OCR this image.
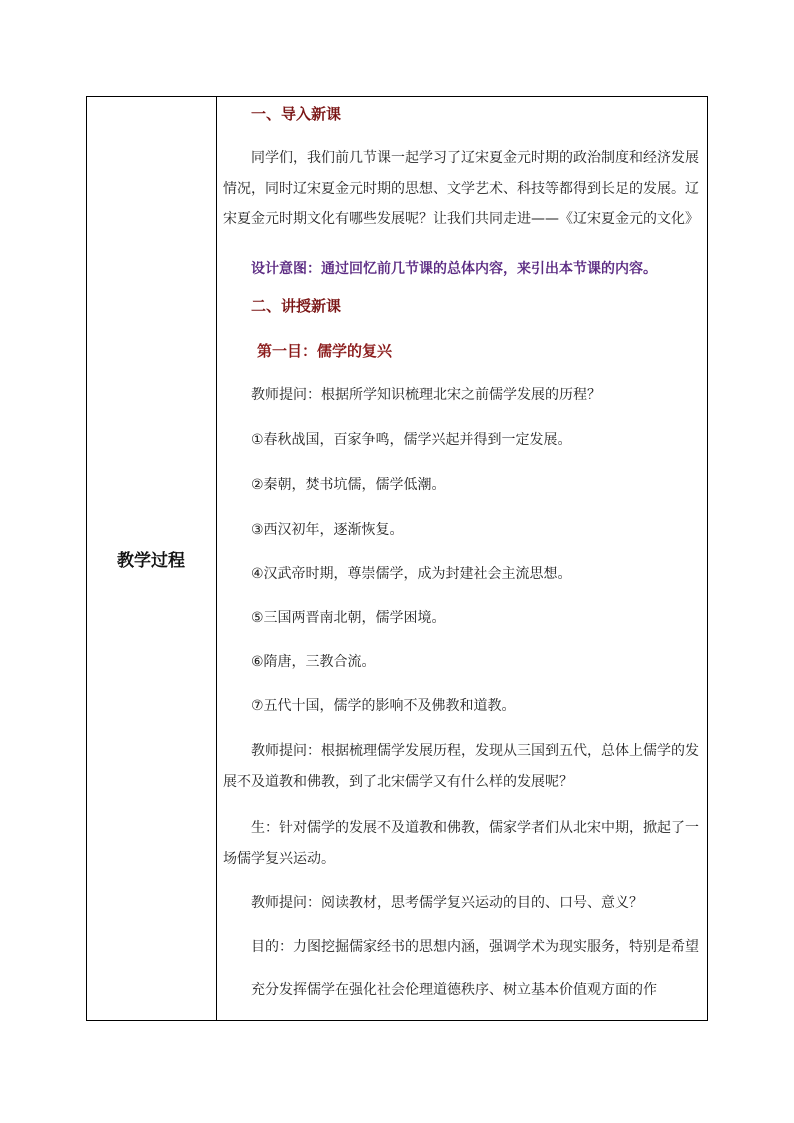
教学过程
一、导入新课
同学们，我们前几节课一起学习了辽宋夏金元时期的政治制度和经济发展
情况，同时辽宋夏金元时期的思想、文学艺术、科技等都得到长足的发展。辽
宋夏金元时期文化有哪些发展呢？让我们共同走进——《辽宋夏金元的文化》
设计意图：通过回忆前几节课的总体内容，来引出本节课的内容。
二、讲授新课
第一目：儒学的复兴
教师提问：根据所学知识梳理北宋之前儒学发展的历程？
①春秋战国，百家争鸣，儒学兴起并得到一定发展。
②秦朝，焚书坑儒，儒学低潮。
③西汉初年，逐渐恢复。
④汉武帝时期，尊崇儒学，成为封建社会主流思想。
⑤三国两晋南北朝，儒学困境。
⑥隋唐，三教合流。
⑦五代十国，儒学的影响不及佛教和道教。
教师提问：根据梳理儒学发展历程，发现从三国到五代，总体上儒学的发
展不及道教和佛教，到了北宋儒学又有什么样的发展呢？
生：针对儒学的发展不及道教和佛教，儒家学者们从北宋中期，掀起了一
场儒学复兴运动。
教师提问：阅读教材，思考儒学复兴运动的目的、口号、意义？
目的：力图挖掘儒家经书的思想内涵，强调学术为现实服务，特别是希望
充分发挥儒学在强化社会伦理道德秩序、树立基本价值观方面的作
